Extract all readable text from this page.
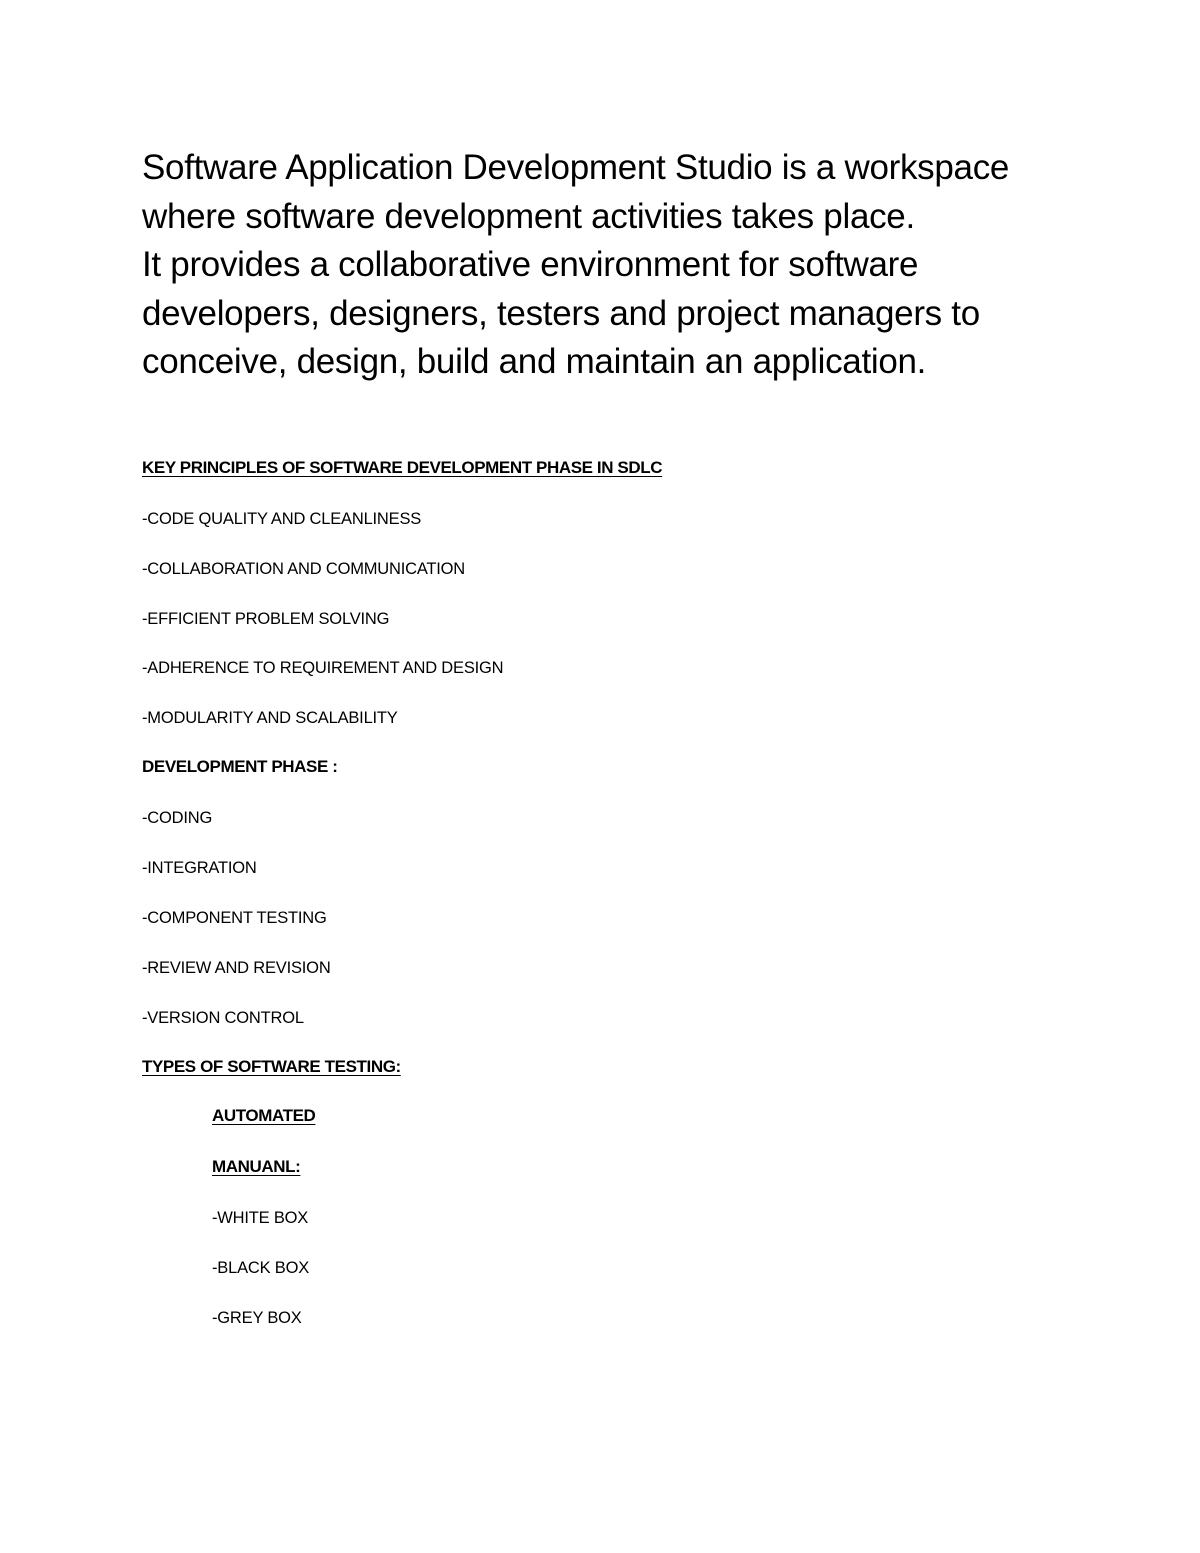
Software Application Development Studio is a workspace
where software development activities takes place.
It provides a collaborative environment for software
developers, designers, testers and project managers to
conceive, design, build and maintain an application.

KEY PRINCIPLES OF SOFTWARE DEVELOPMENT PHASE IN SDLC

-CODE QUALITY AND CLEANLINESS

-COLLABORATION AND COMMUNICATION

-EFFICIENT PROBLEM SOLVING

-ADHERENCE TO REQUIREMENT AND DESIGN

-MODULARITY AND SCALABILITY

DEVELOPMENT PHASE :

-CODING

-INTEGRATION

-COMPONENT TESTING

-REVIEW AND REVISION

-VERSION CONTROL

TYPES OF SOFTWARE TESTING:

AUTOMATED

MANUANL:

-WHITE BOX

-BLACK BOX

-GREY BOX
